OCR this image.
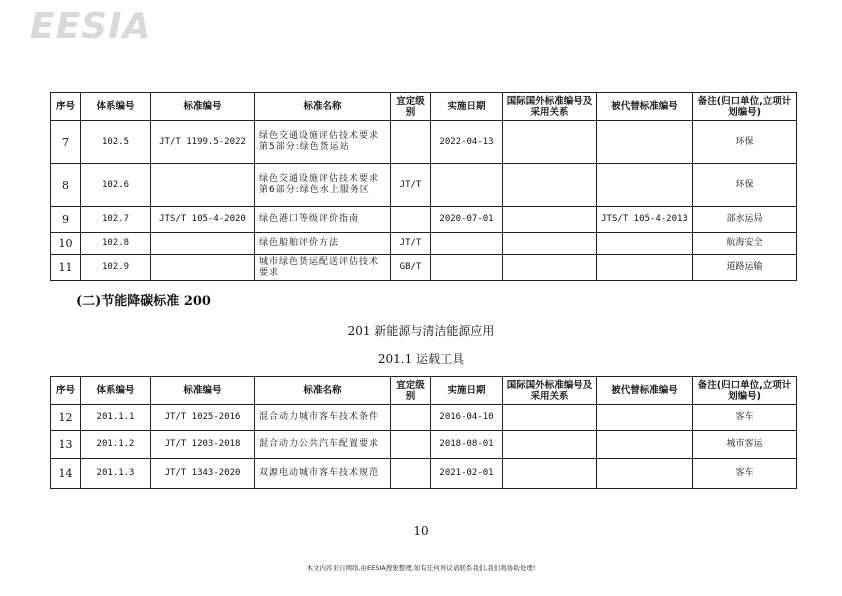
EESIA
序号	体系编号	标准编号	标准名称	宜定级别	实施日期	国际国外标准编号及采用关系	被代替标准编号	备注(归口单位,立项计划编号)
7	102.5	JT/T 1199.5-2022	绿色交通设施评估技术要求 第5部分:绿色货运站		2022-04-13			环保
8	102.6		绿色交通设施评估技术要求 第6部分:绿色水上服务区	JT/T				环保
9	102.7	JTS/T 105-4-2020	绿色港口等级评价指南		2020-07-01		JTS/T 105-4-2013	部水运局
10	102.8		绿色船舶评价方法	JT/T				航海安全
11	102.9		城市绿色货运配送评估技术要求	GB/T				道路运输
(二)节能降碳标准 200
201 新能源与清洁能源应用
201.1 运载工具
序号	体系编号	标准编号	标准名称	宜定级别	实施日期	国际国外标准编号及采用关系	被代替标准编号	备注(归口单位,立项计划编号)
12	201.1.1	JT/T 1025-2016	混合动力城市客车技术条件		2016-04-10			客车
13	201.1.2	JT/T 1203-2018	混合动力公共汽车配置要求		2018-08-01			城市客运
14	201.1.3	JT/T 1343-2020	双源电动城市客车技术规范		2021-02-01			客车
10
本文内容来自网络,由EESIA搜集整理,如有任何异议请联系我们,我们将协助处理!
